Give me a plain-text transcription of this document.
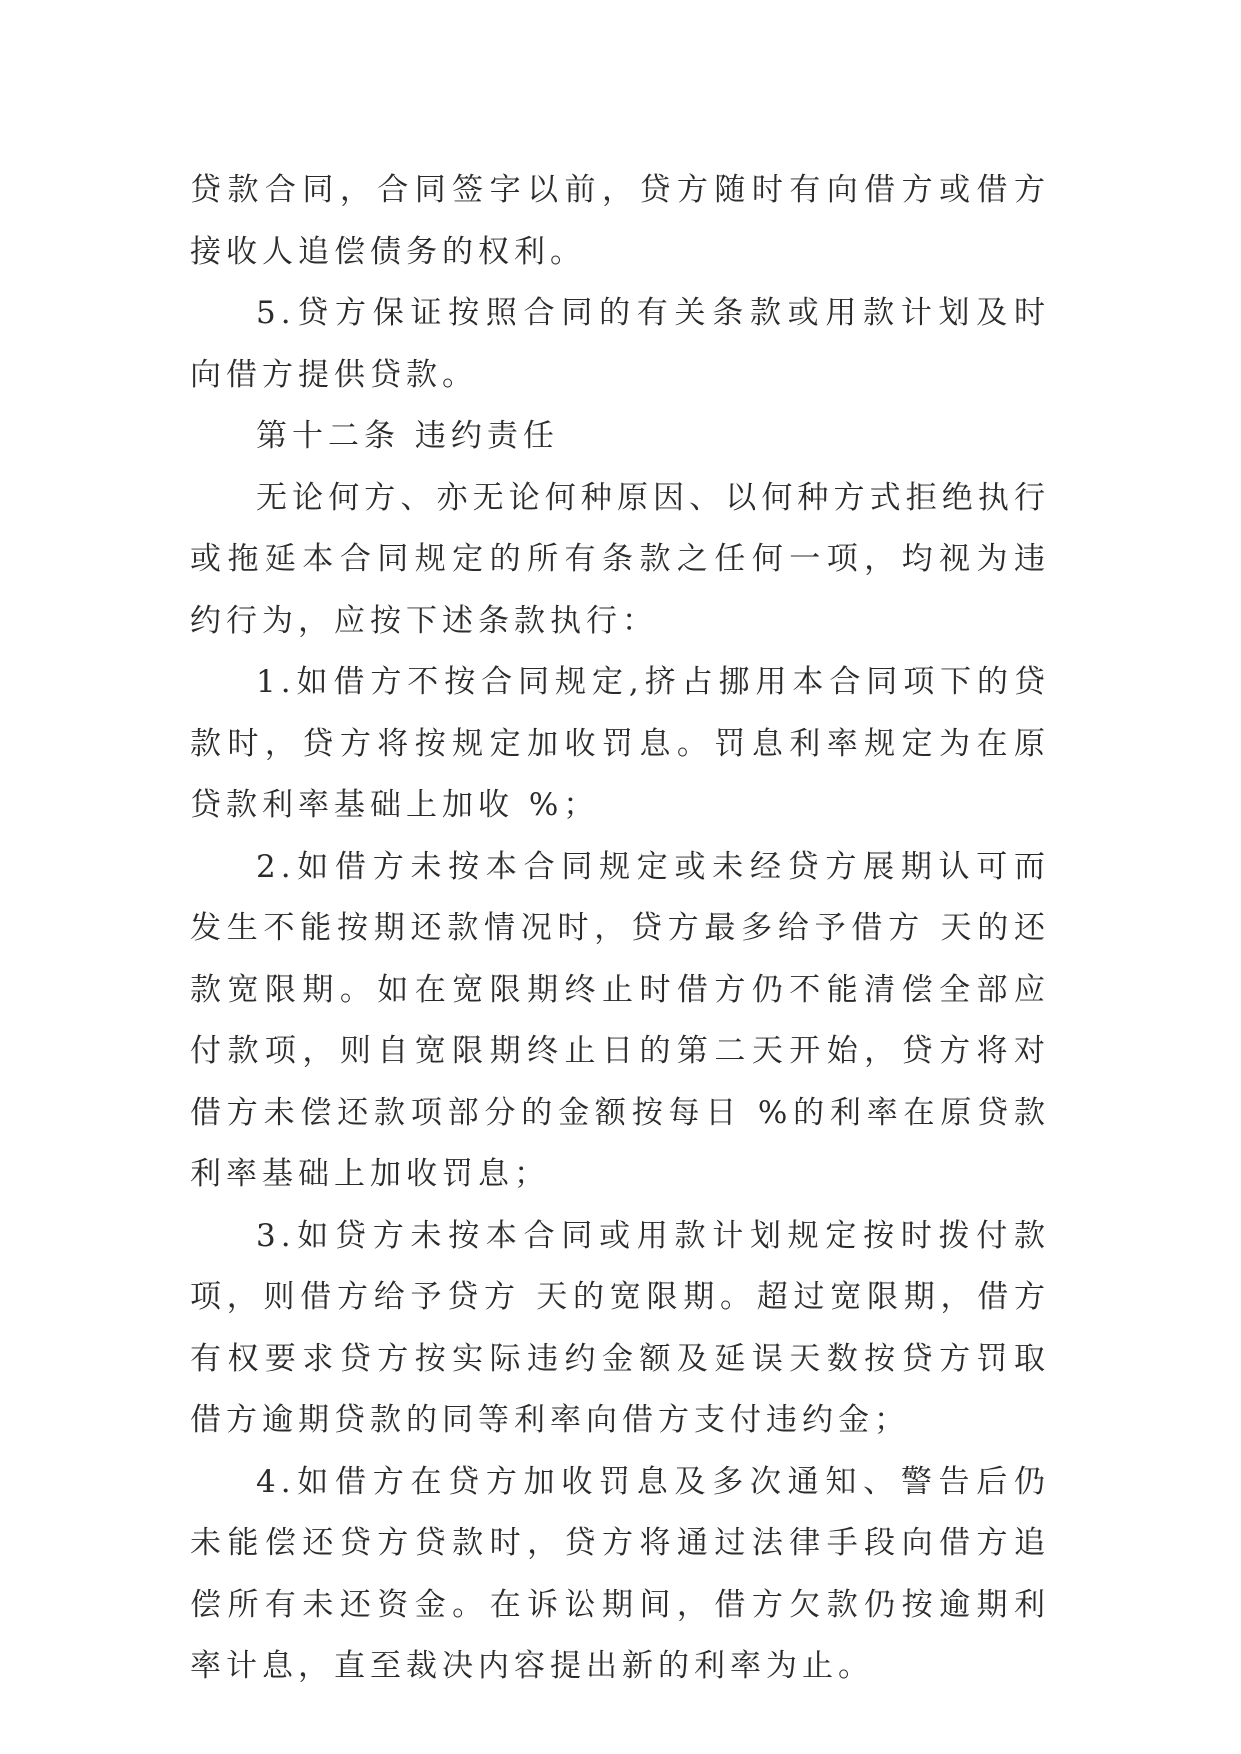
贷款合同，合同签字以前，贷方随时有向借方或借方接收人追偿债务的权利。

5.贷方保证按照合同的有关条款或用款计划及时向借方提供贷款。

第十二条 违约责任

无论何方、亦无论何种原因、以何种方式拒绝执行或拖延本合同规定的所有条款之任何一项，均视为违约行为，应按下述条款执行：

1.如借方不按合同规定,挤占挪用本合同项下的贷款时，贷方将按规定加收罚息。罚息利率规定为在原贷款利率基础上加收 %；

2.如借方未按本合同规定或未经贷方展期认可而发生不能按期还款情况时，贷方最多给予借方 天的还款宽限期。如在宽限期终止时借方仍不能清偿全部应付款项，则自宽限期终止日的第二天开始，贷方将对借方未偿还款项部分的金额按每日 %的利率在原贷款利率基础上加收罚息；

3.如贷方未按本合同或用款计划规定按时拨付款项，则借方给予贷方 天的宽限期。超过宽限期，借方有权要求贷方按实际违约金额及延误天数按贷方罚取借方逾期贷款的同等利率向借方支付违约金；

4.如借方在贷方加收罚息及多次通知、警告后仍未能偿还贷方贷款时，贷方将通过法律手段向借方追偿所有未还资金。在诉讼期间，借方欠款仍按逾期利率计息，直至裁决内容提出新的利率为止。
